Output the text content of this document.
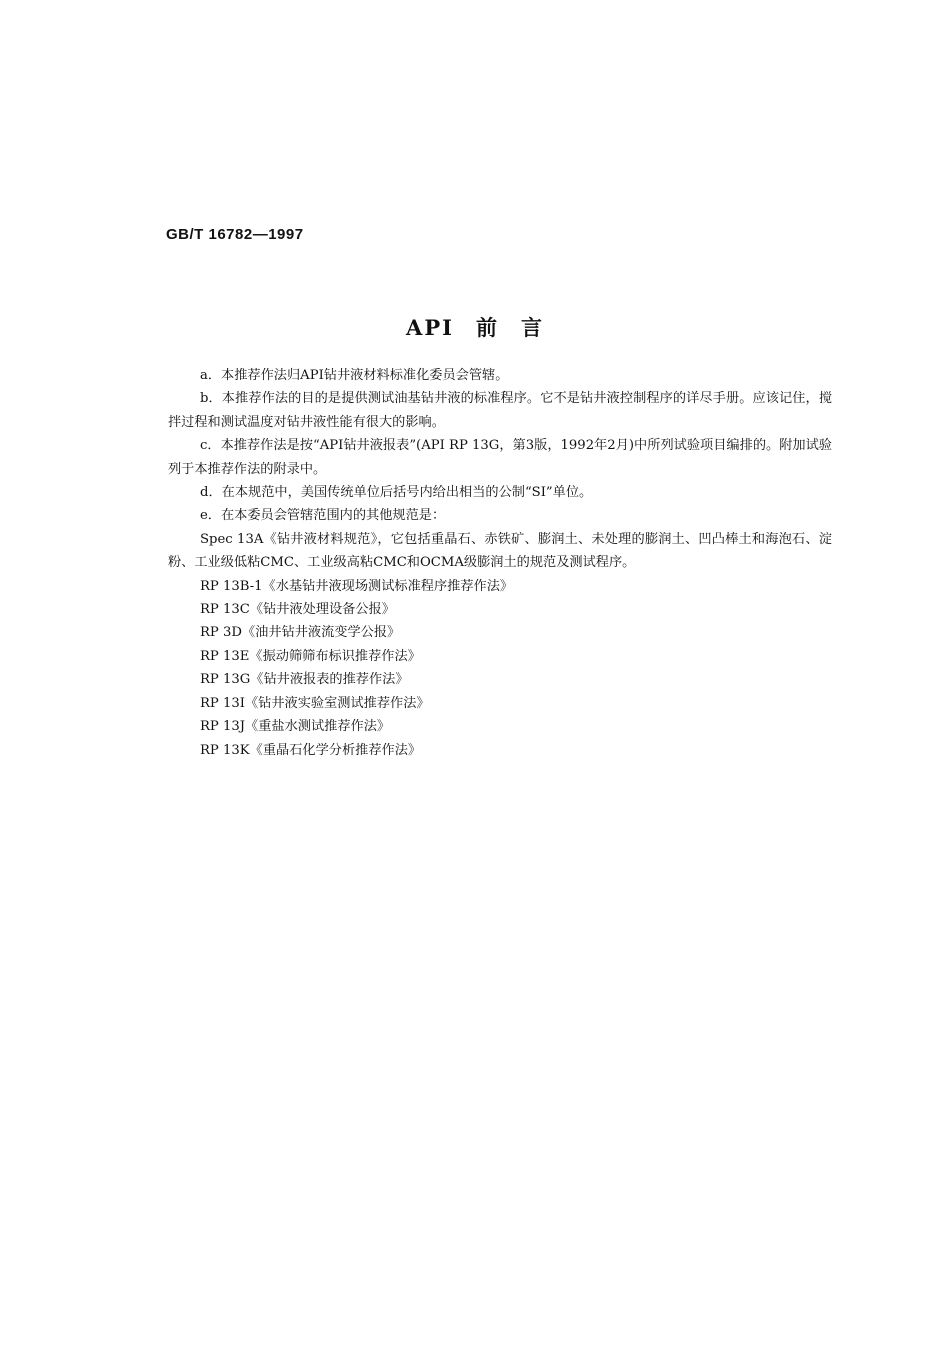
GB/T 16782—1997
API 前 言

a．本推荐作法归API钻井液材料标准化委员会管辖。

b．本推荐作法的目的是提供测试油基钻井液的标准程序。它不是钻井液控制程序的详尽手册。应该记住，搅拌过程和测试温度对钻井液性能有很大的影响。

c．本推荐作法是按“API钻井液报表”(API RP 13G，第3版，1992年2月)中所列试验项目编排的。附加试验列于本推荐作法的附录中。

d．在本规范中，美国传统单位后括号内给出相当的公制“SI”单位。

e．在本委员会管辖范围内的其他规范是：

Spec 13A《钻井液材料规范》，它包括重晶石、赤铁矿、膨润土、未处理的膨润土、凹凸棒土和海泡石、淀粉、工业级低粘CMC、工业级高粘CMC和OCMA级膨润土的规范及测试程序。

RP 13B-1《水基钻井液现场测试标准程序推荐作法》

RP 13C《钻井液处理设备公报》

RP 3D《油井钻井液流变学公报》

RP 13E《振动筛筛布标识推荐作法》

RP 13G《钻井液报表的推荐作法》

RP 13I《钻井液实验室测试推荐作法》

RP 13J《重盐水测试推荐作法》

RP 13K《重晶石化学分析推荐作法》
